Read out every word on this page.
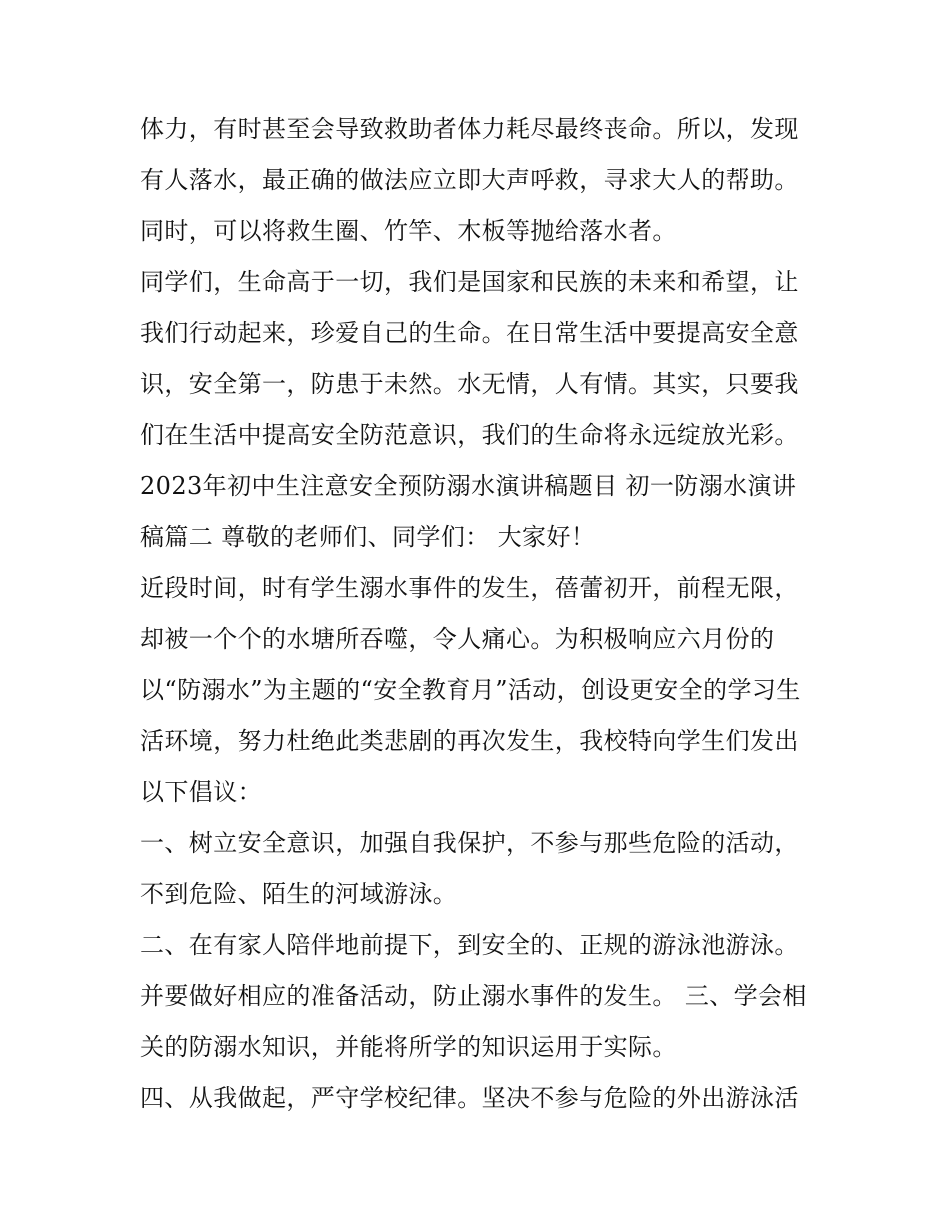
体力，有时甚至会导致救助者体力耗尽最终丧命。所以，发现有人落水，最正确的做法应立即大声呼救，寻求大人的帮助。同时，可以将救生圈、竹竿、木板等抛给落水者。

同学们，生命高于一切，我们是国家和民族的未来和希望，让我们行动起来，珍爱自己的生命。在日常生活中要提高安全意识，安全第一，防患于未然。水无情，人有情。其实，只要我们在生活中提高安全防范意识，我们的生命将永远绽放光彩。 2023年初中生注意安全预防溺水演讲稿题目 初一防溺水演讲稿篇二 尊敬的老师们、同学们： 大家好！

近段时间，时有学生溺水事件的发生，蓓蕾初开，前程无限，却被一个个的水塘所吞噬，令人痛心。为积极响应六月份的以“防溺水”为主题的“安全教育月”活动，创设更安全的学习生活环境，努力杜绝此类悲剧的再次发生，我校特向学生们发出以下倡议：

一、树立安全意识，加强自我保护，不参与那些危险的活动，不到危险、陌生的河域游泳。

二、在有家人陪伴地前提下，到安全的、正规的游泳池游泳。并要做好相应的准备活动，防止溺水事件的发生。 三、学会相关的防溺水知识，并能将所学的知识运用于实际。

四、从我做起，严守学校纪律。坚决不参与危险的外出游泳活
